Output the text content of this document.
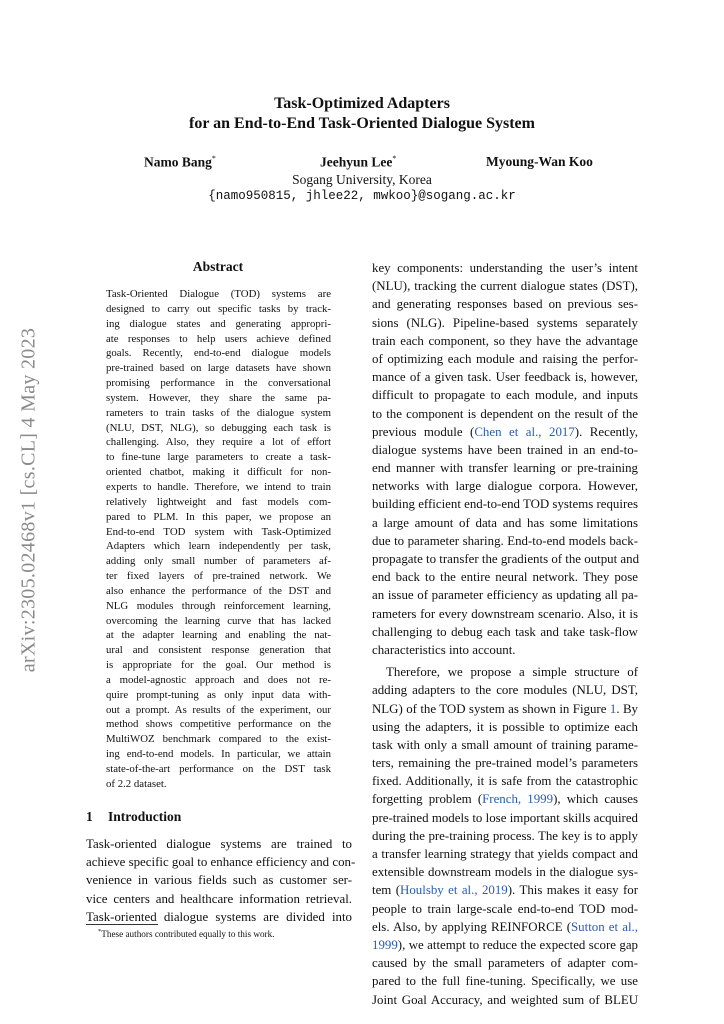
arXiv:2305.02468v1 [cs.CL] 4 May 2023
Task-Optimized Adapters
for an End-to-End Task-Oriented Dialogue System
Namo Bang*	Jeehyun Lee*	Myoung-Wan Koo
Sogang University, Korea
{namo950815, jhlee22, mwkoo}@sogang.ac.kr
Abstract
Task-Oriented Dialogue (TOD) systems are
designed to carry out specific tasks by track-
ing dialogue states and generating appropri-
ate responses to help users achieve defined
goals. Recently, end-to-end dialogue models
pre-trained based on large datasets have shown
promising performance in the conversational
system. However, they share the same pa-
rameters to train tasks of the dialogue system
(NLU, DST, NLG), so debugging each task is
challenging. Also, they require a lot of effort
to fine-tune large parameters to create a task-
oriented chatbot, making it difficult for non-
experts to handle. Therefore, we intend to train
relatively lightweight and fast models com-
pared to PLM. In this paper, we propose an
End-to-end TOD system with Task-Optimized
Adapters which learn independently per task,
adding only small number of parameters af-
ter fixed layers of pre-trained network. We
also enhance the performance of the DST and
NLG modules through reinforcement learning,
overcoming the learning curve that has lacked
at the adapter learning and enabling the nat-
ural and consistent response generation that
is appropriate for the goal. Our method is
a model-agnostic approach and does not re-
quire prompt-tuning as only input data with-
out a prompt. As results of the experiment, our
method shows competitive performance on the
MultiWOZ benchmark compared to the exist-
ing end-to-end models. In particular, we attain
state-of-the-art performance on the DST task
of 2.2 dataset.
1 Introduction
Task-oriented dialogue systems are trained to
achieve specific goal to enhance efficiency and con-
venience in various fields such as customer ser-
vice centers and healthcare information retrieval.
Task-oriented dialogue systems are divided into
*These authors contributed equally to this work.
key components: understanding the user’s intent
(NLU), tracking the current dialogue states (DST),
and generating responses based on previous ses-
sions (NLG). Pipeline-based systems separately
train each component, so they have the advantage
of optimizing each module and raising the perfor-
mance of a given task. User feedback is, however,
difficult to propagate to each module, and inputs
to the component is dependent on the result of the
previous module (Chen et al., 2017). Recently,
dialogue systems have been trained in an end-to-
end manner with transfer learning or pre-training
networks with large dialogue corpora. However,
building efficient end-to-end TOD systems requires
a large amount of data and has some limitations
due to parameter sharing. End-to-end models back-
propagate to transfer the gradients of the output and
end back to the entire neural network. They pose
an issue of parameter efficiency as updating all pa-
rameters for every downstream scenario. Also, it is
challenging to debug each task and take task-flow
characteristics into account.
Therefore, we propose a simple structure of
adding adapters to the core modules (NLU, DST,
NLG) of the TOD system as shown in Figure 1. By
using the adapters, it is possible to optimize each
task with only a small amount of training parame-
ters, remaining the pre-trained model’s parameters
fixed. Additionally, it is safe from the catastrophic
forgetting problem (French, 1999), which causes
pre-trained models to lose important skills acquired
during the pre-training process. The key is to apply
a transfer learning strategy that yields compact and
extensible downstream models in the dialogue sys-
tem (Houlsby et al., 2019). This makes it easy for
people to train large-scale end-to-end TOD mod-
els. Also, by applying REINFORCE (Sutton et al.,
1999), we attempt to reduce the expected score gap
caused by the small parameters of adapter com-
pared to the full fine-tuning. Specifically, we use
Joint Goal Accuracy, and weighted sum of BLEU
